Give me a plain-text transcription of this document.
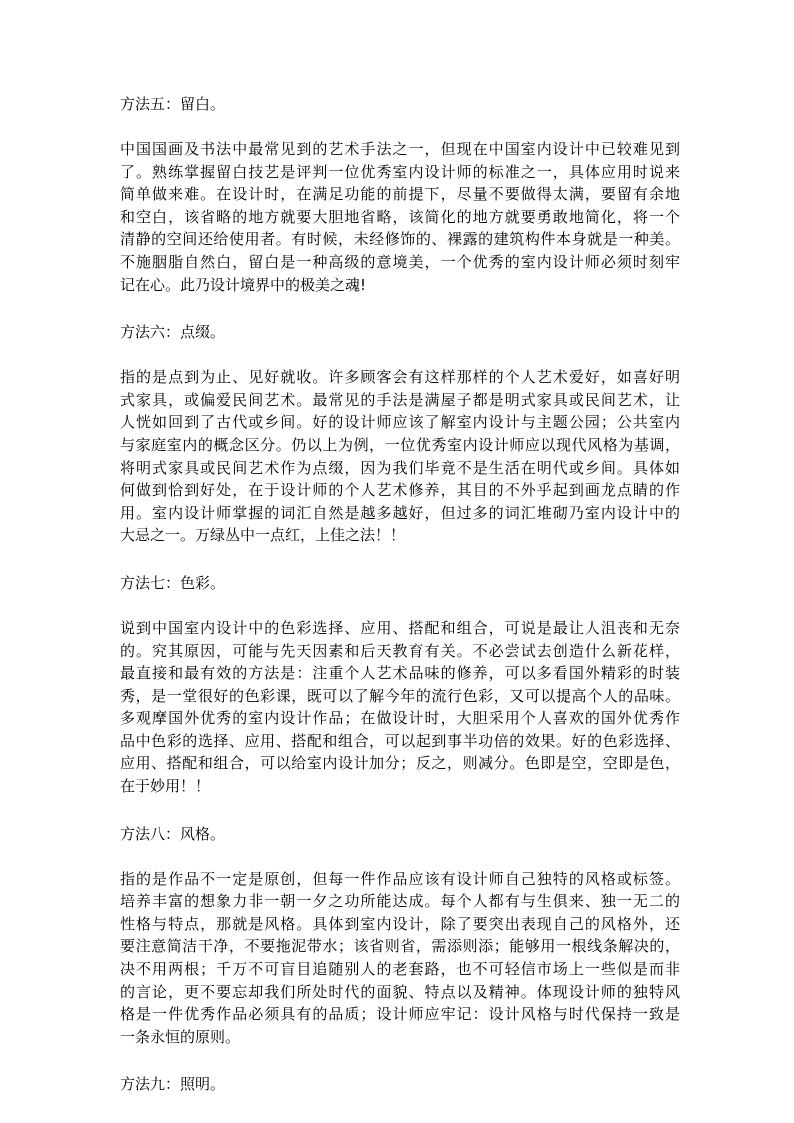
方法五：留白。
中国国画及书法中最常见到的艺术手法之一，但现在中国室内设计中已较难见到
了。熟练掌握留白技艺是评判一位优秀室内设计师的标准之一，具体应用时说来
简单做来难。在设计时，在满足功能的前提下，尽量不要做得太满，要留有余地
和空白，该省略的地方就要大胆地省略，该简化的地方就要勇敢地简化，将一个
清静的空间还给使用者。有时候，未经修饰的、裸露的建筑构件本身就是一种美。
不施胭脂自然白，留白是一种高级的意境美，一个优秀的室内设计师必须时刻牢
记在心。此乃设计境界中的极美之魂!
方法六：点缀。
指的是点到为止、见好就收。许多顾客会有这样那样的个人艺术爱好，如喜好明
式家具，或偏爱民间艺术。最常见的手法是满屋子都是明式家具或民间艺术，让
人恍如回到了古代或乡间。好的设计师应该了解室内设计与主题公园；公共室内
与家庭室内的概念区分。仍以上为例，一位优秀室内设计师应以现代风格为基调，
将明式家具或民间艺术作为点缀，因为我们毕竟不是生活在明代或乡间。具体如
何做到恰到好处，在于设计师的个人艺术修养，其目的不外乎起到画龙点睛的作
用。室内设计师掌握的词汇自然是越多越好，但过多的词汇堆砌乃室内设计中的
大忌之一。万绿丛中一点红，上佳之法！！
方法七：色彩。
说到中国室内设计中的色彩选择、应用、搭配和组合，可说是最让人沮丧和无奈
的。究其原因，可能与先天因素和后天教育有关。不必尝试去创造什么新花样，
最直接和最有效的方法是：注重个人艺术品味的修养，可以多看国外精彩的时装
秀，是一堂很好的色彩课，既可以了解今年的流行色彩，又可以提高个人的品味。
多观摩国外优秀的室内设计作品；在做设计时，大胆采用个人喜欢的国外优秀作
品中色彩的选择、应用、搭配和组合，可以起到事半功倍的效果。好的色彩选择、
应用、搭配和组合，可以给室内设计加分；反之，则减分。色即是空，空即是色，
在于妙用！！
方法八：风格。
指的是作品不一定是原创，但每一件作品应该有设计师自己独特的风格或标签。
培养丰富的想象力非一朝一夕之功所能达成。每个人都有与生俱来、独一无二的
性格与特点，那就是风格。具体到室内设计，除了要突出表现自己的风格外，还
要注意简洁干净，不要拖泥带水；该省则省，需添则添；能够用一根线条解决的，
决不用两根；千万不可盲目追随别人的老套路，也不可轻信市场上一些似是而非
的言论，更不要忘却我们所处时代的面貌、特点以及精神。体现设计师的独特风
格是一件优秀作品必须具有的品质；设计师应牢记：设计风格与时代保持一致是
一条永恒的原则。
方法九：照明。
